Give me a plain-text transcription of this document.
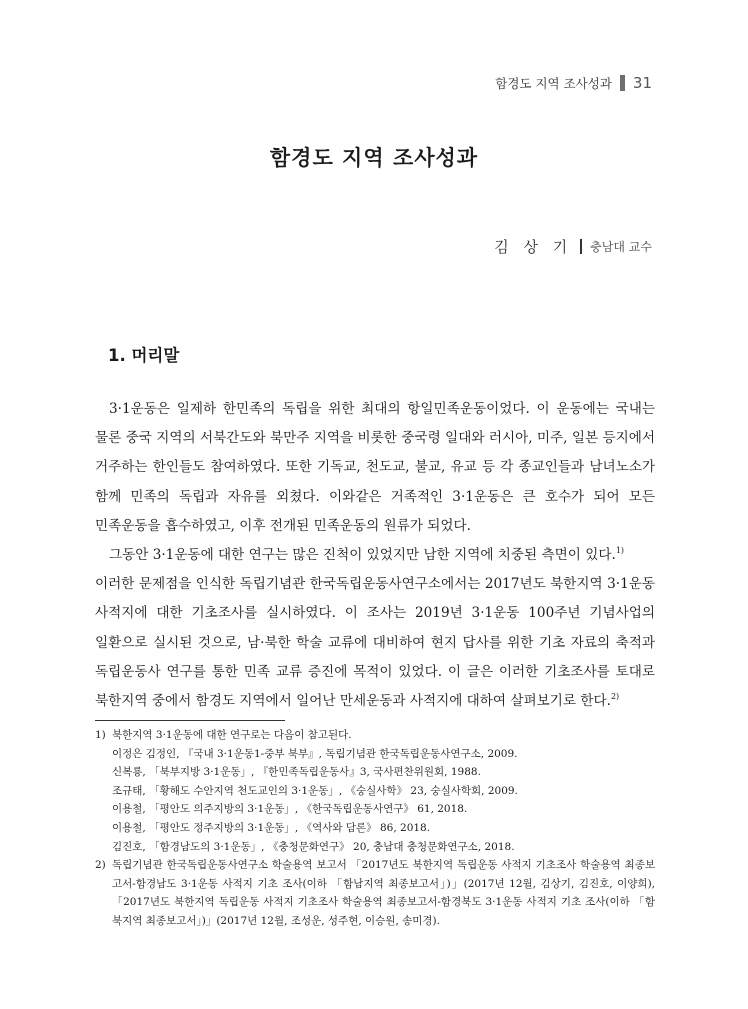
함경도 지역 조사성과 31
함경도 지역 조사성과
김 상 기 충남대 교수
1. 머리말

3·1운동은 일제하 한민족의 독립을 위한 최대의 항일민족운동이었다. 이 운동에는 국내는 물론 중국 지역의 서북간도와 북만주 지역을 비롯한 중국령 일대와 러시아, 미주, 일본 등지에서 거주하는 한인들도 참여하였다. 또한 기독교, 천도교, 불교, 유교 등 각 종교인들과 남녀노소가 함께 민족의 독립과 자유를 외쳤다. 이와같은 거족적인 3·1운동은 큰 호수가 되어 모든 민족운동을 흡수하였고, 이후 전개된 민족운동의 원류가 되었다.

그동안 3·1운동에 대한 연구는 많은 진척이 있었지만 남한 지역에 치중된 측면이 있다.$^{1)}$

이러한 문제점을 인식한 독립기념관 한국독립운동사연구소에서는 2017년도 북한지역 3·1운동 사적지에 대한 기초조사를 실시하였다. 이 조사는 2019년 3·1운동 100주년 기념사업의 일환으로 실시된 것으로, 남·북한 학술 교류에 대비하여 현지 답사를 위한 기초 자료의 축적과 독립운동사 연구를 통한 민족 교류 증진에 목적이 있었다. 이 글은 이러한 기초조사를 토대로 북한지역 중에서 함경도 지역에서 일어난 만세운동과 사적지에 대하여 살펴보기로 한다.$^{2)}$

1) 북한지역 3·1운동에 대한 연구로는 다음이 참고된다.
이정은 김정인, 『국내 3·1운동1-중부 북부』, 독립기념관 한국독립운동사연구소, 2009.
신복룡, 「북부지방 3·1운동」, 『한민족독립운동사』3, 국사편찬위원회, 1988.
조규태, 「황해도 수안지역 천도교인의 3·1운동」, 《숭실사학》 23, 숭실사학회, 2009.
이용철, 「평안도 의주지방의 3·1운동」, 《한국독립운동사연구》 61, 2018.
이용철, 「평안도 정주지방의 3·1운동」, 《역사와 담론》 86, 2018.
김진호, 「함경남도의 3·1운동」, 《충청문화연구》 20, 충남대 충청문화연구소, 2018.
2) 독립기념관 한국독립운동사연구소 학술용역 보고서 「2017년도 북한지역 독립운동 사적지 기초조사 학술용역 최종보고서-함경남도 3·1운동 사적지 기초 조사(이하 「함남지역 최종보고서」)」(2017년 12월, 김상기, 김진호, 이양희), 「2017년도 북한지역 독립운동 사적지 기초조사 학술용역 최종보고서-함경북도 3·1운동 사적지 기초 조사(이하 「함북지역 최종보고서」)」(2017년 12월, 조성운, 성주현, 이승원, 송미경).
